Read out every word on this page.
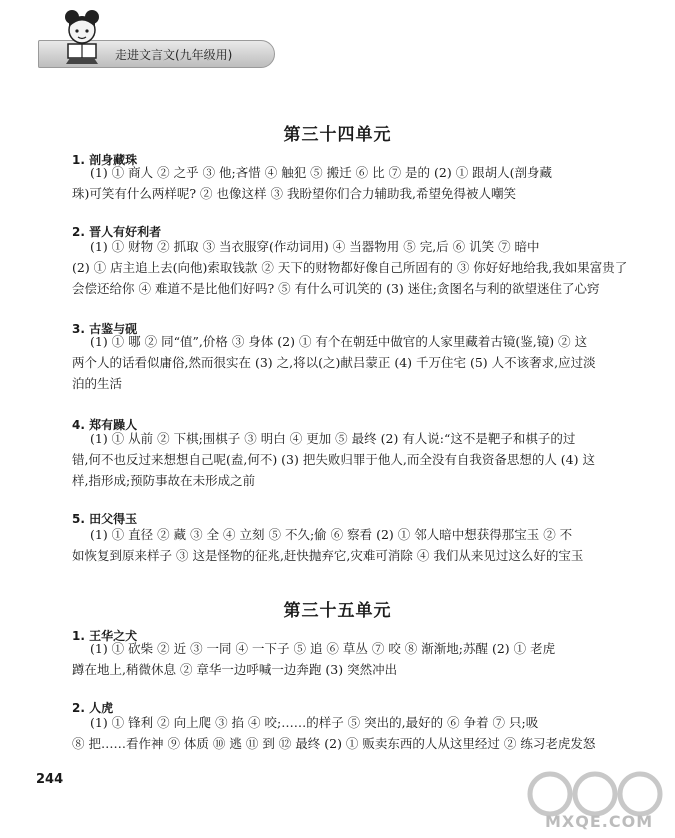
走进文言文(九年级用)
第三十四单元
1. 剖身藏珠
(1) ① 商人 ② 之乎 ③ 他;吝惜 ④ 触犯 ⑤ 搬迁 ⑥ 比 ⑦ 是的 (2) ① 跟胡人(剖身藏
珠)可笑有什么两样呢? ② 也像这样 ③ 我盼望你们合力辅助我,希望免得被人嘲笑
2. 晋人有好利者
(1) ① 财物 ② 抓取 ③ 当衣服穿(作动词用) ④ 当器物用 ⑤ 完,后 ⑥ 讥笑 ⑦ 暗中
(2) ① 店主追上去(向他)索取钱款 ② 天下的财物都好像自己所固有的 ③ 你好好地给我,我如果富贵了
会偿还给你 ④ 难道不是比他们好吗? ⑤ 有什么可讥笑的 (3) 迷住;贪图名与利的欲望迷住了心窍
3. 古鉴与砚
(1) ① 哪 ② 同“值”,价格 ③ 身体 (2) ① 有个在朝廷中做官的人家里藏着古镜(鉴,镜) ② 这
两个人的话看似庸俗,然而很实在 (3) 之,将以(之)献吕蒙正 (4) 千万住宅 (5) 人不该奢求,应过淡
泊的生活
4. 郑有躁人
(1) ① 从前 ② 下棋;围棋子 ③ 明白 ④ 更加 ⑤ 最终 (2) 有人说:“这不是靶子和棋子的过
错,何不也反过来想想自己呢(盍,何不) (3) 把失败归罪于他人,而全没有自我资备思想的人 (4) 这
样,指形成;预防事故在未形成之前
5. 田父得玉
(1) ① 直径 ② 藏 ③ 全 ④ 立刻 ⑤ 不久;偷 ⑥ 察看 (2) ① 邻人暗中想获得那宝玉 ② 不
如恢复到原来样子 ③ 这是怪物的征兆,赶快抛弃它,灾难可消除 ④ 我们从来见过这么好的宝玉
第三十五单元
1. 王华之犬
(1) ① 砍柴 ② 近 ③ 一同 ④ 一下子 ⑤ 追 ⑥ 草丛 ⑦ 咬 ⑧ 渐渐地;苏醒 (2) ① 老虎
蹲在地上,稍微休息 ② 章华一边呼喊一边奔跑 (3) 突然冲出
2. 人虎
(1) ① 锋利 ② 向上爬 ③ 掐 ④ 咬;……的样子 ⑤ 突出的,最好的 ⑥ 争着 ⑦ 只;吸
⑧ 把……看作神 ⑨ 体质 ⑩ 逃 ⑪ 到 ⑫ 最终 (2) ① 贩卖东西的人从这里经过 ② 练习老虎发怒
244
MXQE.COM
